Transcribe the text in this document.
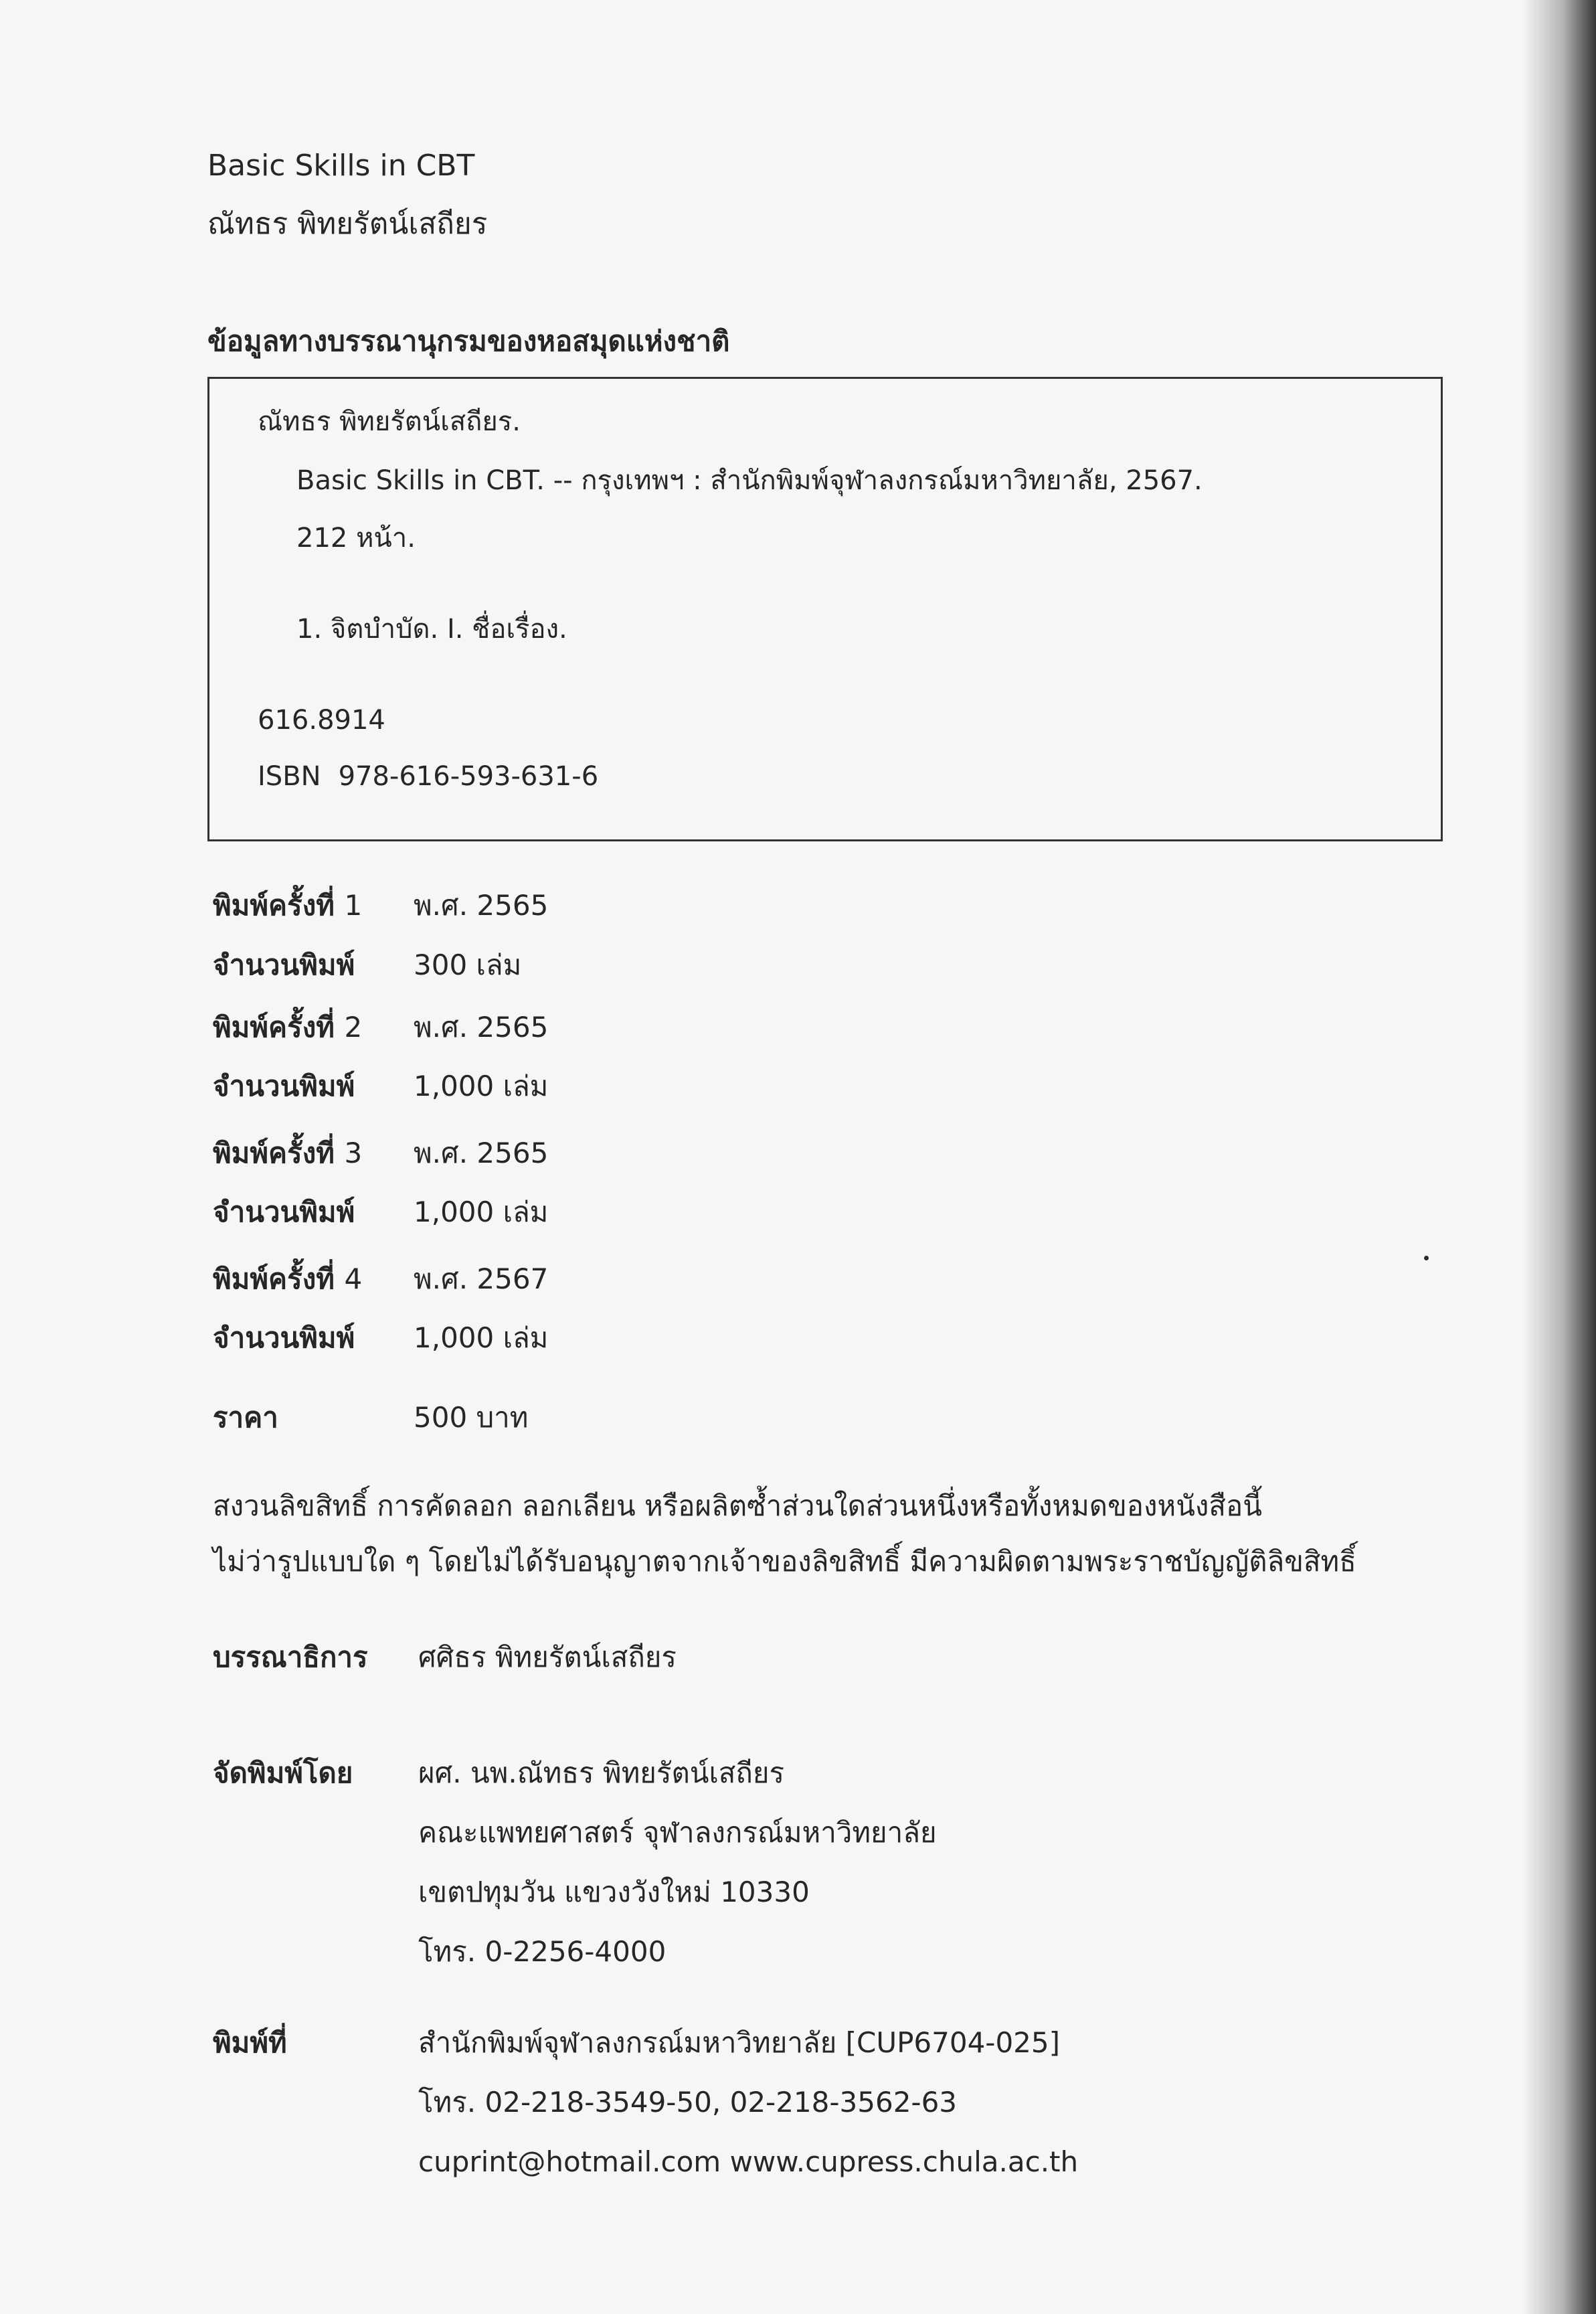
Basic Skills in CBT
ณัทธร พิทยรัตน์เสถียร
ข้อมูลทางบรรณานุกรมของหอสมุดแห่งชาติ
ณัทธร พิทยรัตน์เสถียร.
Basic Skills in CBT. -- กรุงเทพฯ : สำนักพิมพ์จุฬาลงกรณ์มหาวิทยาลัย, 2567.
212 หน้า.
1. จิตบำบัด. I. ชื่อเรื่อง.
616.8914
ISBN 978-616-593-631-6
พิมพ์ครั้งที่ 1 พ.ศ. 2565
จำนวนพิมพ์ 300 เล่ม
พิมพ์ครั้งที่ 2 พ.ศ. 2565
จำนวนพิมพ์ 1,000 เล่ม
พิมพ์ครั้งที่ 3 พ.ศ. 2565
จำนวนพิมพ์ 1,000 เล่ม
พิมพ์ครั้งที่ 4 พ.ศ. 2567
จำนวนพิมพ์ 1,000 เล่ม
ราคา	500 บาท
สงวนลิขสิทธิ์ การคัดลอก ลอกเลียน หรือผลิตซ้ำส่วนใดส่วนหนึ่งหรือทั้งหมดของหนังสือนี้
ไม่ว่ารูปแบบใด ๆ โดยไม่ได้รับอนุญาตจากเจ้าของลิขสิทธิ์ มีความผิดตามพระราชบัญญัติลิขสิทธิ์
บรรณาธิการ ศศิธร พิทยรัตน์เสถียร
จัดพิมพ์โดย ผศ. นพ.ณัทธร พิทยรัตน์เสถียร
คณะแพทยศาสตร์ จุฬาลงกรณ์มหาวิทยาลัย
เขตปทุมวัน แขวงวังใหม่ 10330
โทร. 0-2256-4000
พิมพ์ที่	สำนักพิมพ์จุฬาลงกรณ์มหาวิทยาลัย [CUP6704-025]
โทร. 02-218-3549-50, 02-218-3562-63
cuprint@hotmail.com www.cupress.chula.ac.th
